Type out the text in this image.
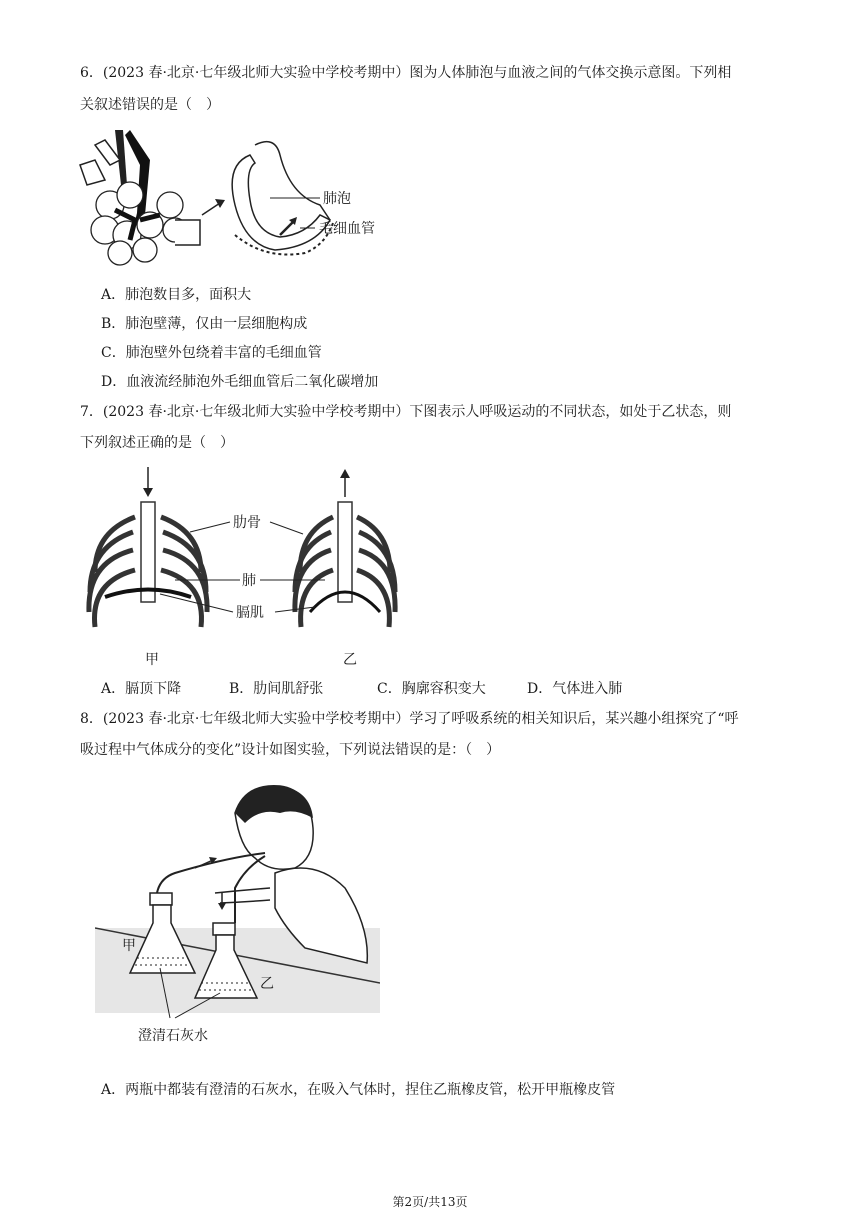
6．(2023 春·北京·七年级北师大实验中学校考期中）图为人体肺泡与血液之间的气体交换示意图。下列相
关叙述错误的是（　）
肺泡
毛细血管
A．肺泡数目多，面积大
B．肺泡壁薄，仅由一层细胞构成
C．肺泡壁外包绕着丰富的毛细血管
D．血液流经肺泡外毛细血管后二氧化碳增加
7．(2023 春·北京·七年级北师大实验中学校考期中）下图表示人呼吸运动的不同状态，如处于乙状态，则
下列叙述正确的是（　）
肋骨
肺
膈肌
甲	乙
A．膈顶下降	B．肋间肌舒张	C．胸廓容积变大	D．气体进入肺
8．(2023 春·北京·七年级北师大实验中学校考期中）学习了呼吸系统的相关知识后，某兴趣小组探究了“呼
吸过程中气体成分的变化”设计如图实验，下列说法错误的是：（　）
甲
乙
澄清石灰水
A．两瓶中都装有澄清的石灰水，在吸入气体时，捏住乙瓶橡皮管，松开甲瓶橡皮管
第2页/共13页
